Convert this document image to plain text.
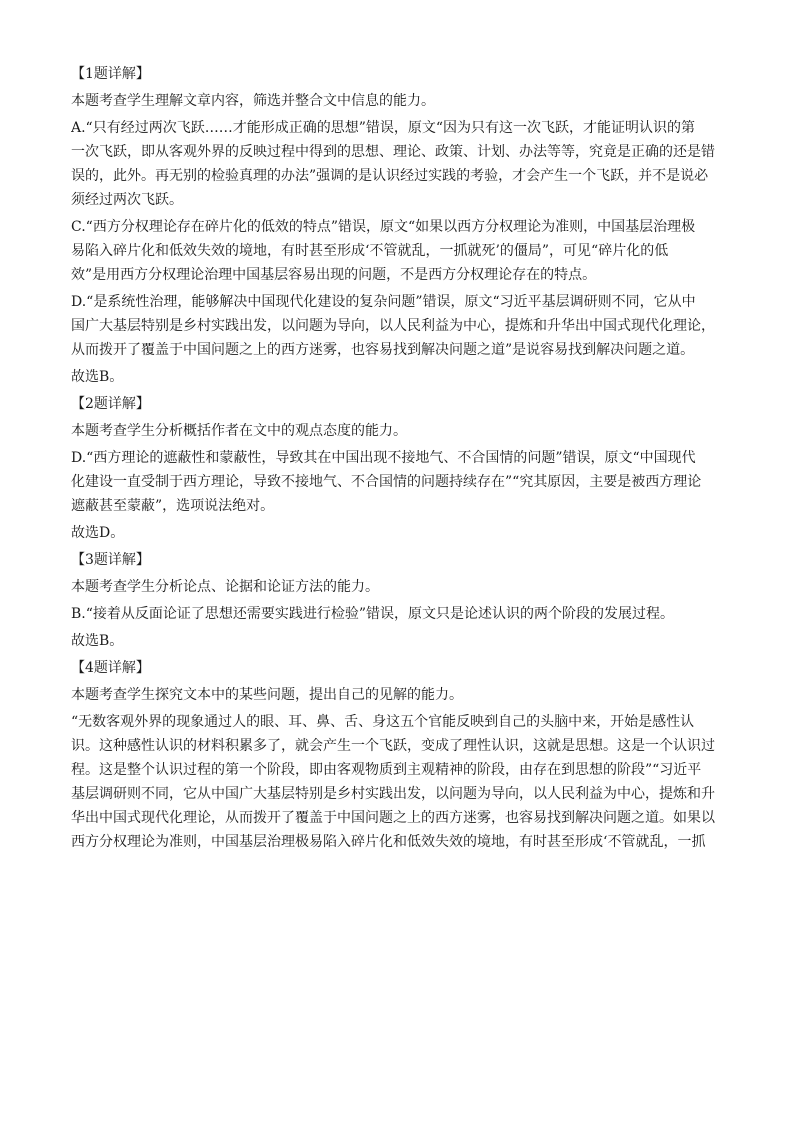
【1题详解】
本题考查学生理解文章内容，筛选并整合文中信息的能力。
A.“只有经过两次飞跃……才能形成正确的思想”错误，原文“因为只有这一次飞跃，才能证明认识的第
一次飞跃，即从客观外界的反映过程中得到的思想、理论、政策、计划、办法等等，究竟是正确的还是错
误的，此外。再无别的检验真理的办法”强调的是认识经过实践的考验，才会产生一个飞跃，并不是说必
须经过两次飞跃。
C.“西方分权理论存在碎片化的低效的特点”错误，原文“如果以西方分权理论为准则，中国基层治理极
易陷入碎片化和低效失效的境地，有时甚至形成‘不管就乱，一抓就死’的僵局”，可见“碎片化的低
效”是用西方分权理论治理中国基层容易出现的问题，不是西方分权理论存在的特点。
D.“是系统性治理，能够解决中国现代化建设的复杂问题”错误，原文“习近平基层调研则不同，它从中
国广大基层特别是乡村实践出发，以问题为导向，以人民利益为中心，提炼和升华出中国式现代化理论，
从而拨开了覆盖于中国问题之上的西方迷雾，也容易找到解决问题之道”是说容易找到解决问题之道。
故选B。
【2题详解】
本题考查学生分析概括作者在文中的观点态度的能力。
D.“西方理论的遮蔽性和蒙蔽性，导致其在中国出现不接地气、不合国情的问题”错误，原文“中国现代
化建设一直受制于西方理论，导致不接地气、不合国情的问题持续存在”“究其原因，主要是被西方理论
遮蔽甚至蒙蔽”，选项说法绝对。
故选D。
【3题详解】
本题考查学生分析论点、论据和论证方法的能力。
B.“接着从反面论证了思想还需要实践进行检验”错误，原文只是论述认识的两个阶段的发展过程。
故选B。
【4题详解】
本题考查学生探究文本中的某些问题，提出自己的见解的能力。
“无数客观外界的现象通过人的眼、耳、鼻、舌、身这五个官能反映到自己的头脑中来，开始是感性认
识。这种感性认识的材料积累多了，就会产生一个飞跃，变成了理性认识，这就是思想。这是一个认识过
程。这是整个认识过程的第一个阶段，即由客观物质到主观精神的阶段，由存在到思想的阶段”“习近平
基层调研则不同，它从中国广大基层特别是乡村实践出发，以问题为导向，以人民利益为中心，提炼和升
华出中国式现代化理论，从而拨开了覆盖于中国问题之上的西方迷雾，也容易找到解决问题之道。如果以
西方分权理论为准则，中国基层治理极易陷入碎片化和低效失效的境地，有时甚至形成‘不管就乱，一抓
